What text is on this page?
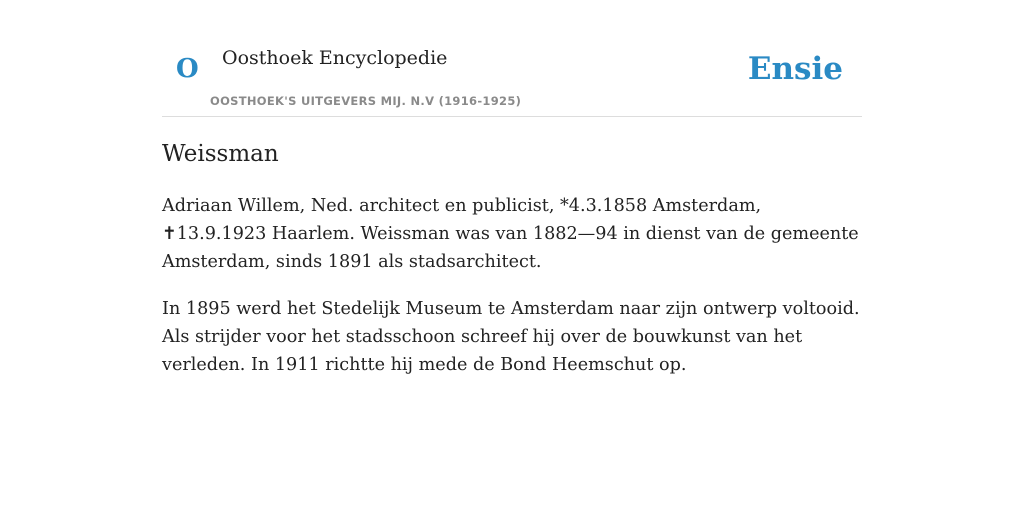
O Oosthoek Encyclopedie
OOSTHOEK'S UITGEVERS MIJ. N.V (1916-1925)
Ensie
Weissman

Adriaan Willem, Ned. architect en publicist, *4.3.1858 Amsterdam, ✝13.9.1923 Haarlem. Weissman was van 1882—94 in dienst van de gemeente Amsterdam, sinds 1891 als stadsarchitect.

In 1895 werd het Stedelijk Museum te Amsterdam naar zijn ontwerp voltooid. Als strijder voor het stadsschoon schreef hij over de bouwkunst van het verleden. In 1911 richtte hij mede de Bond Heemschut op.
